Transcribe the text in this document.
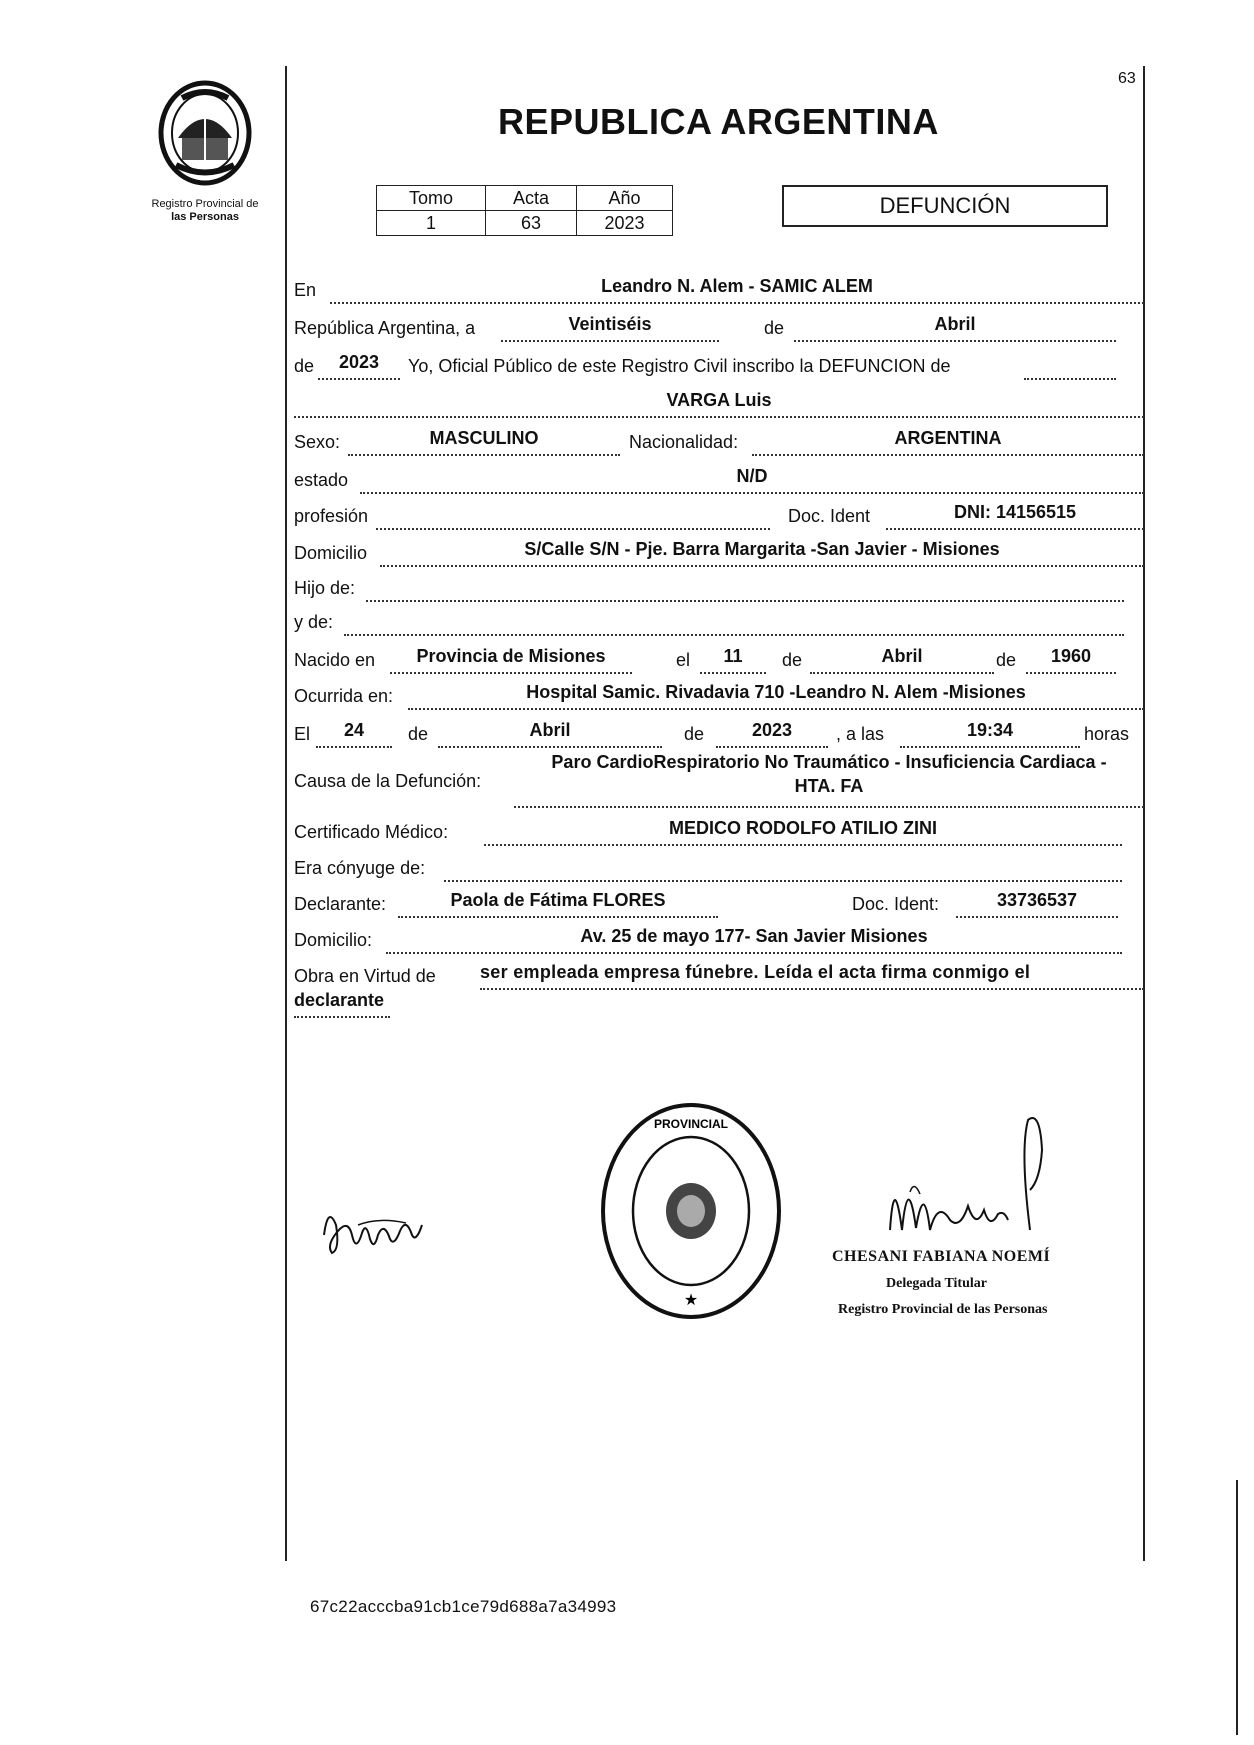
Registro Provincial de
las Personas
63
REPUBLICA ARGENTINA
Tomo	Acta	Año
1	63	2023
DEFUNCIÓN
En	Leandro N. Alem - SAMIC ALEM
República Argentina, a	Veintiséis	de	Abril
de	2023	Yo, Oficial Público de este Registro Civil inscribo la DEFUNCION de
VARGA Luis
Sexo:	MASCULINO	Nacionalidad:	ARGENTINA
estado	N/D
profesión	Doc. Ident	DNI: 14156515
Domicilio	S/Calle S/N - Pje. Barra Margarita -San Javier - Misiones
Hijo de:
y de:
Nacido en	Provincia de Misiones	el	11	de	Abril	de	1960
Ocurrida en:	Hospital Samic. Rivadavia 710 -Leandro N. Alem -Misiones
El	24	de	Abril	de	2023	, a las	19:34	horas
Causa de la Defunción:
Paro CardioRespiratorio No Traumático - Insuficiencia Cardiaca -
HTA. FA
Certificado Médico:	MEDICO RODOLFO ATILIO ZINI
Era cónyuge de:
Declarante:	Paola de Fátima FLORES	Doc. Ident:	33736537
Domicilio:	Av. 25 de mayo 177- San Javier Misiones
Obra en Virtud de ser empleada empresa fúnebre. Leída el acta firma conmigo el
declarante
PROVINCIAL
★
CHESANI FABIANA NOEMÍ
Delegada Titular
Registro Provincial de las Personas
67c22acccba91cb1ce79d688a7a34993
